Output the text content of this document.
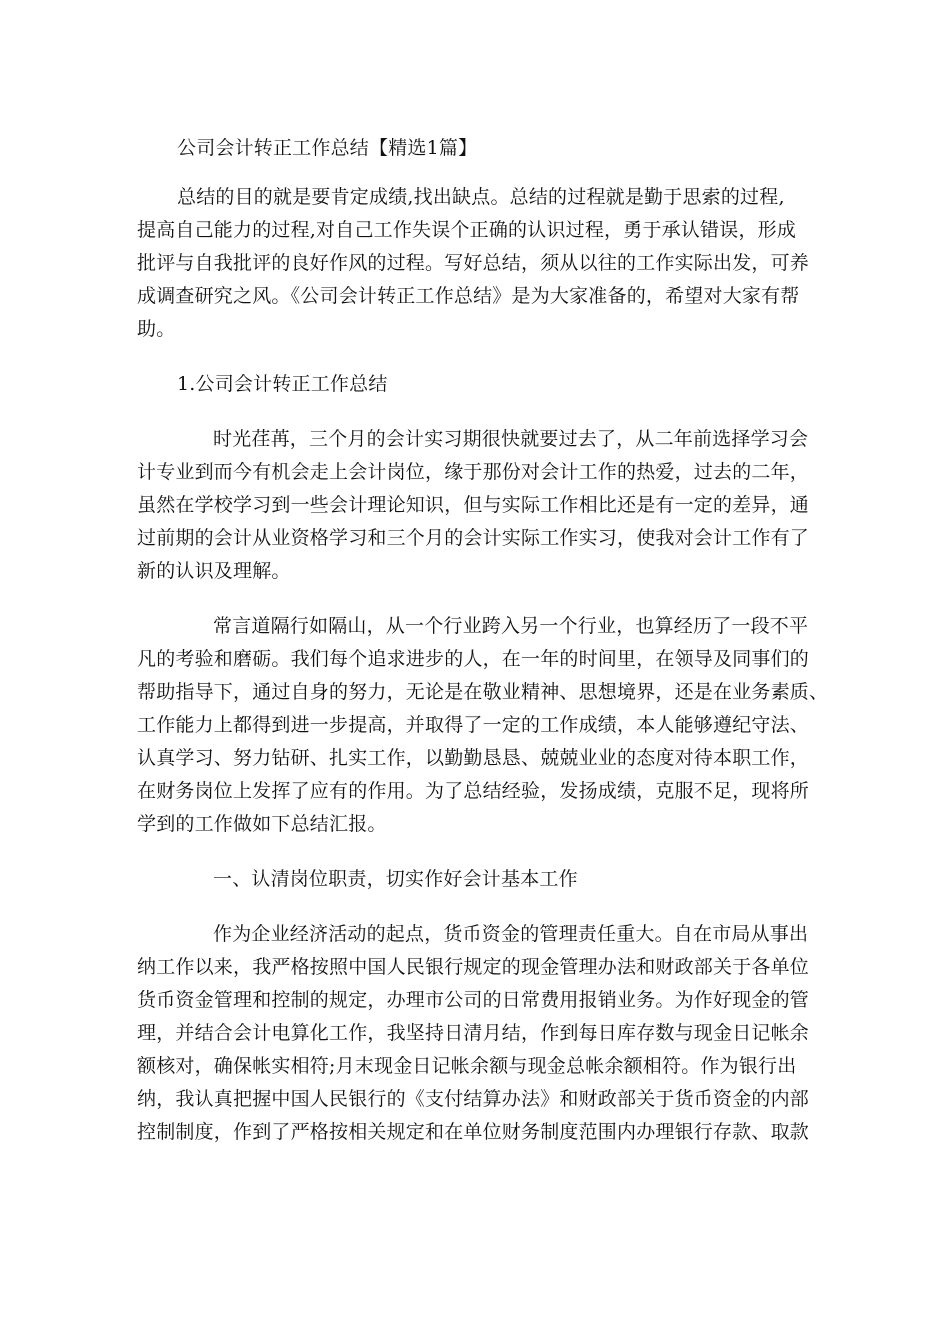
公司会计转正工作总结【精选1篇】
总结的目的就是要肯定成绩,找出缺点。总结的过程就是勤于思索的过程,
提高自己能力的过程,对自己工作失误个正确的认识过程，勇于承认错误，形成
批评与自我批评的良好作风的过程。写好总结，须从以往的工作实际出发，可养
成调查研究之风。《公司会计转正工作总结》是为大家准备的，希望对大家有帮
助。
1.公司会计转正工作总结
时光荏苒，三个月的会计实习期很快就要过去了，从二年前选择学习会
计专业到而今有机会走上会计岗位，缘于那份对会计工作的热爱，过去的二年，
虽然在学校学习到一些会计理论知识，但与实际工作相比还是有一定的差异，通
过前期的会计从业资格学习和三个月的会计实际工作实习，使我对会计工作有了
新的认识及理解。
常言道隔行如隔山，从一个行业跨入另一个行业，也算经历了一段不平
凡的考验和磨砺。我们每个追求进步的人，在一年的时间里，在领导及同事们的
帮助指导下，通过自身的努力，无论是在敬业精神、思想境界，还是在业务素质、
工作能力上都得到进一步提高，并取得了一定的工作成绩，本人能够遵纪守法、
认真学习、努力钻研、扎实工作，以勤勤恳恳、兢兢业业的态度对待本职工作，
在财务岗位上发挥了应有的作用。为了总结经验，发扬成绩，克服不足，现将所
学到的工作做如下总结汇报。
一、认清岗位职责，切实作好会计基本工作
作为企业经济活动的起点，货币资金的管理责任重大。自在市局从事出
纳工作以来，我严格按照中国人民银行规定的现金管理办法和财政部关于各单位
货币资金管理和控制的规定，办理市公司的日常费用报销业务。为作好现金的管
理，并结合会计电算化工作，我坚持日清月结，作到每日库存数与现金日记帐余
额核对，确保帐实相符;月末现金日记帐余额与现金总帐余额相符。作为银行出
纳，我认真把握中国人民银行的《支付结算办法》和财政部关于货币资金的内部
控制制度，作到了严格按相关规定和在单位财务制度范围内办理银行存款、取款
